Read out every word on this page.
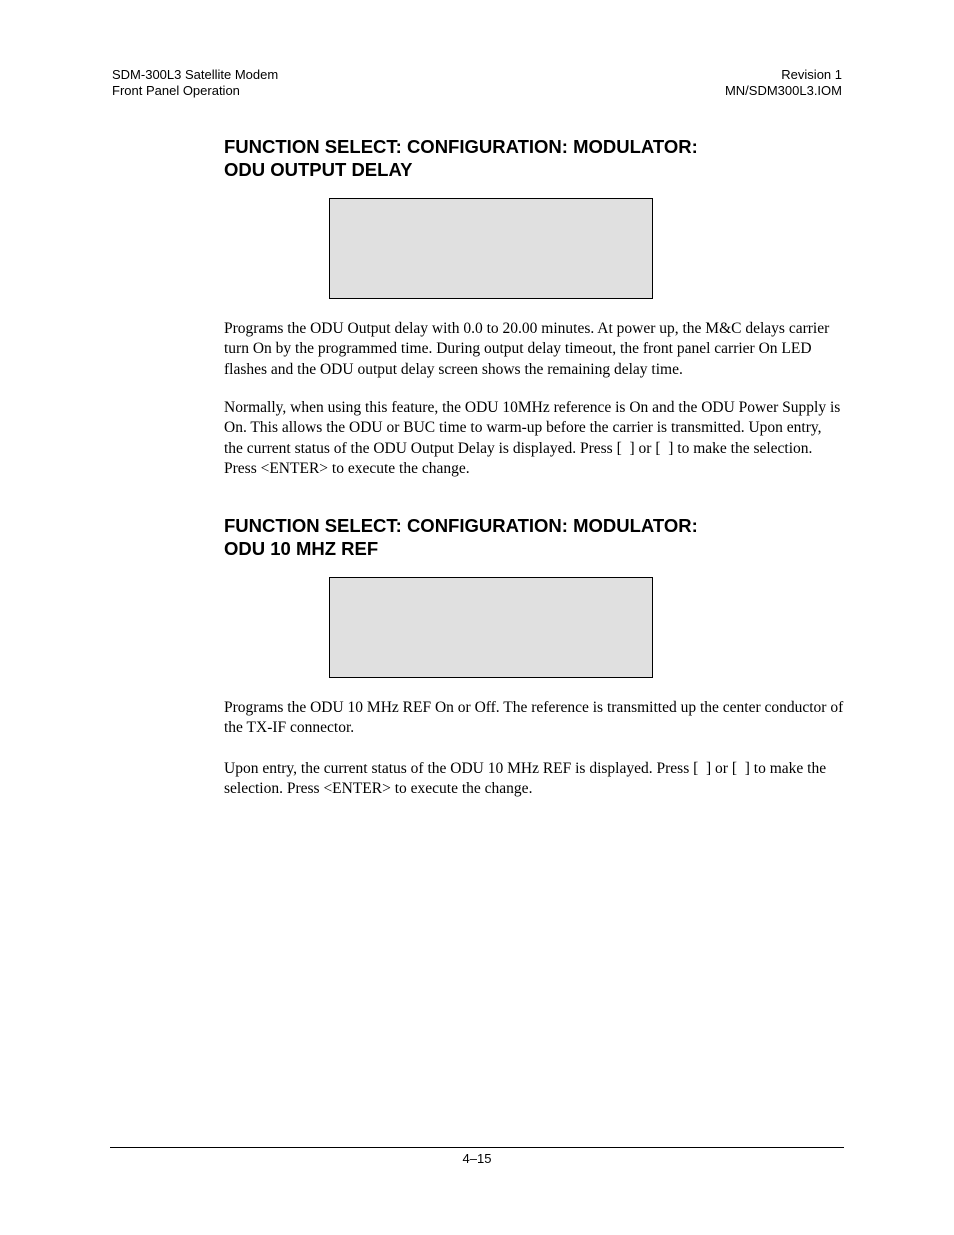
SDM-300L3 Satellite Modem
Front Panel Operation
Revision 1
MN/SDM300L3.IOM
FUNCTION SELECT: CONFIGURATION: MODULATOR:
ODU OUTPUT DELAY

Programs the ODU Output delay with 0.0 to 20.00 minutes. At power up, the M&C delays carrier turn On by the programmed time. During output delay timeout, the front panel carrier On LED flashes and the ODU output delay screen shows the remaining delay time.

Normally, when using this feature, the ODU 10MHz reference is On and the ODU Power Supply is On. This allows the ODU or BUC time to warm-up before the carrier is transmitted. Upon entry, the current status of the ODU Output Delay is displayed. Press [  ] or [  ] to make the selection. Press <ENTER> to execute the change.

FUNCTION SELECT: CONFIGURATION: MODULATOR:
ODU 10 MHZ REF

Programs the ODU 10 MHz REF On or Off. The reference is transmitted up the center conductor of the TX-IF connector.

Upon entry, the current status of the ODU 10 MHz REF is displayed. Press [  ] or [  ] to make the selection. Press <ENTER> to execute the change.

4–15
